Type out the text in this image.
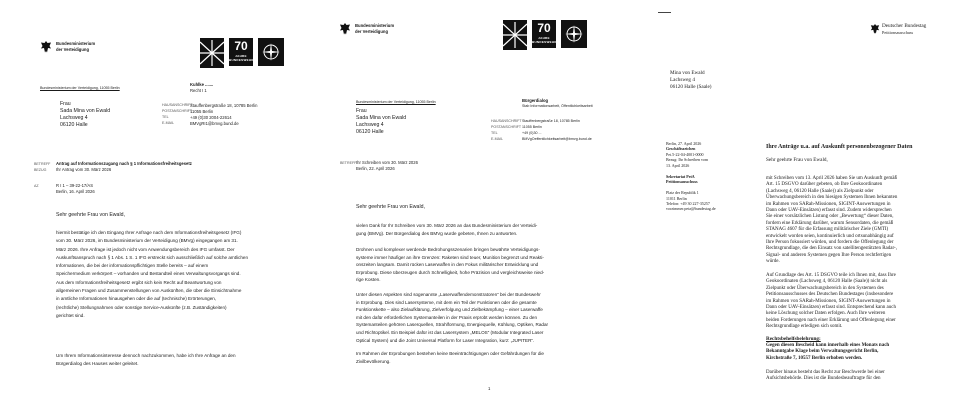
Bundesministerium
der Verteidigung	70
JAHRE BUNDESWEHR
Bundesministerium der Verteidigung, 11055 Berlin
Kuhlke .......
Recht I 1
Frau
Sada Mina von Ewald
Lachsweg 4
06120 Halle
HAUSANSCHRIFT
POSTANSCHRIFT
TEL
E-MAIL
Stauffenbergstraße 18, 10785 Berlin
11055 Berlin
+49 (0)30 2004-22614
BMVgRI1@bmvg.bund.de
BETREFF Antrag auf Informationszugang nach § 1 Informationsfreiheitsgesetz
BEZUG Ihr Antrag vom 30. März 2026
AZ	R I 1 – 39-22-17/AS
Berlin, 16. April 2026
Sehr geehrte Frau von Ewald,

hiermit bestätige ich den Eingang Ihrer Anfrage nach dem Informationsfreiheitsgesetz (IFG)

vom 30. März 2026, im Bundesministerium der Verteidigung (BMVg) eingegangen am 31.

März 2026. Ihre Anfrage ist jedoch nicht vom Anwendungsbereich des IFG umfasst. Der

Auskunftsanspruch nach § 1 Abs. 1 S. 1 IFG erstreckt sich ausschließlich auf solche amtlichen

Informationen, die bei der informationspflichtigen Stelle bereits – auf einem

Speichermedium verkörpert – vorhanden und Bestandteil eines Verwaltungsvorgangs sind.

Aus dem Informationsfreiheitsgesetz ergibt sich kein Recht auf Beantwortung von

allgemeinen Fragen und Zusammenstellungen von Auskünften, die über die Einsichtnahme

in amtliche Informationen hinausgehen oder die auf (technische) Erörterungen,

(rechtliche) Stellungnahmen oder sonstige Service-Auskünfte (z.B. Zuständigkeiten)

gerichtet sind.

Um Ihrem Informationsinteresse dennoch nachzukommen, habe ich Ihre Anfrage an den

Bürgerdialog des Hauses weiter geleitet.

Bundesministerium
der Verteidigung	70
JAHRE BUNDESWEHR
Bundesministerium der Verteidigung, 11055 Berlin	Bürgerdialog
Stab Informationsarbeit, Öffentlichkeitsarbeit
Frau
Sada Mina von Ewald
Lachsweg 4
06120 Halle
HAUSANSCHRIFT
POSTANSCHRIFT
TEL
E-MAIL
Stauffenbergstraße 18, 10785 Berlin
11055 Berlin
+49 (0)30 ...
BMVgOeffentlichkeitsarbeit@bmvg.bund.de
BETREFF Ihr Schreiben vom 30. März 2026
Berlin, 22. April 2026
Sehr geehrte Frau von Ewald,

vielen Dank für Ihr Schreiben vom 30. März 2026 an das Bundesministerium der Verteidi-

gung (BMVg). Der Bürgerdialog des BMVg wurde gebeten, Ihnen zu antworten.

Drohnen und komplexer werdende Bedrohungsszenarien bringen bewährte Verteidigungs-

systeme immer häufiger an ihre Grenzen: Raketen sind teuer, Munition begrenzt und Reakti-

onszeiten langsam. Damit rücken Laserwaffen in den Fokus militärischer Entwicklung und

Erprobung. Diese überzeugen durch Schnelligkeit, hohe Präzision und vergleichsweise nied-

rige Kosten.

Unter diesen Aspekten sind sogenannte „Laserwaffendemonstratoren“ bei der Bundeswehr

in Erprobung. Dies sind Lasersysteme, mit dem ein Teil der Funktionen oder die gesamte

Funktionskette – also Zielaufklärung, Zielverfolgung und Zielbekämpfung – einer Laserwaffe

mit den dafür erforderlichen Systemanteilen in der Praxis erprobt werden können. Zu den

Systemanteilen gehören Laserquellen, Strahlformung, Energiequelle, Kühlung, Optiken, Radar

und Richtoptikel. Ein Beispiel dafür ist das Lasersystem „MELOS“ (Modular Integrated Laser

Optical System) und die Joint Universal Platform for Laser Integration, kurz: „JUPITER“.

Im Rahmen der Erprobungen bestehen keine Beeinträchtigungen oder Gefährdungen für die

Zivilbevölkerung.

1
Deutscher Bundestag
Petitionsausschuss
Mina von Ewald
Lachsweg 4
06120 Halle (Saale)

Berlin, 27. April 2026

Geschäftszeichen

Pet.5-22-04-4001-0000

Bezug: Ihr Schreiben vom

13. April 2026

Sekretariat PetA

Petitionsausschuss

Platz der Republik 1

11011 Berlin

Telefon: +49 30 227-35257

vorzimmer.peta@bundestag.de

Ihre Anträge u.a. auf Auskunft personenbezogener Daten
Sehr geehrte Frau von Ewald,

mit Schreiben vom 13. April 2026 haben Sie um Auskunft gemäß

Art. 15 DSGVO darüber gebeten, ob Ihre Geokoordinaten

(Lachsweg 4, 06120 Halle (Saale)) als Zielpunkt oder

Überwachungsbereich in den hiesigen Systemen Ihnen bekannten

im Rahmen von SARah-Missionen, SIGINT-Auswertungen in

Dann oder UAV-Einsätzen) erfasst sind. Zudem widersprechen

Sie einer vorsätzlichen Listung oder „Bewertung“ dieser Daten,

fordern eine Erklärung darüber, warum Sensordaten, die gemäß

STANAG 4607 für die Erfassung militärischer Ziele (GMTI)

entwickelt worden seien, kontinuierlich und ortsunabhängig auf

Ihre Person fokussiert würden, und fordern die Offenlegung der

Rechtsgrundlage, die den Einsatz von satellitengestützten Radar-,

Signal- und anderen Systemen gegen Ihre Person rechtfertigen

würde.

Auf Grundlage des Art. 15 DSGVO teile ich Ihnen mit, dass Ihre

Geokoordinaten (Lachsweg 4, 06120 Halle (Saale)) nicht als

Zielpunkt oder Überwachungsbereich in den Systemen des

Petitionsausschusses des Deutschen Bundestages (insbesondere

im Rahmen von SARah-Missionen, SIGINT-Auswertungen in

Dann oder UAV-Einsätzen) erfasst sind. Entsprechend kann auch

keine Löschung solcher Daten erfolgen. Auch Ihre weiteren

beiden Forderungen nach einer Erklärung und Offenlegung einer

Rechtsgrundlage erledigen sich somit.

Rechtsbehelfsbelehrung:

Gegen diesen Bescheid kann innerhalb eines Monats nach

Bekanntgabe Klage beim Verwaltungsgericht Berlin,

Kirchstraße 7, 10557 Berlin erhoben werden.

Darüber hinaus besteht das Recht zur Beschwerde bei einer

Aufsichtsbehörde. Dies ist die Bundesbeauftragte für den
